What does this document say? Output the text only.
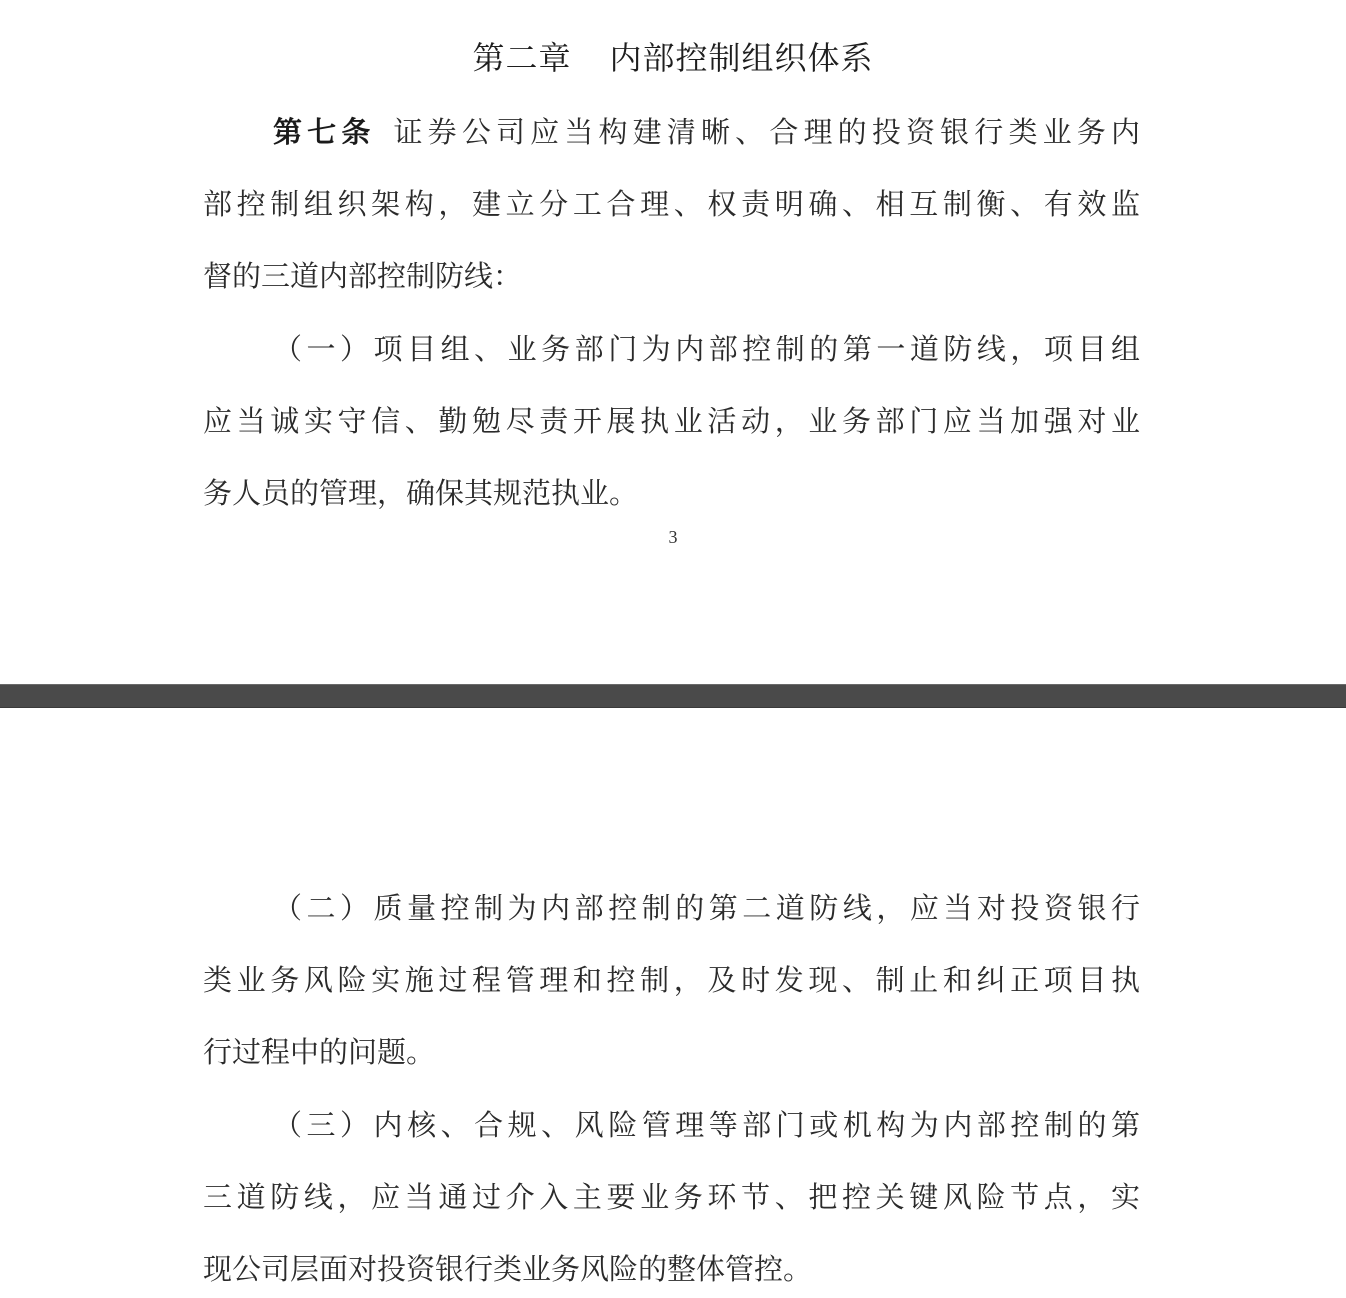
第二章 内部控制组织体系
第七条 证券公司应当构建清晰、合理的投资银行类业务内
部控制组织架构，建立分工合理、权责明确、相互制衡、有效监
督的三道内部控制防线：
（一）项目组、业务部门为内部控制的第一道防线，项目组
应当诚实守信、勤勉尽责开展执业活动，业务部门应当加强对业
务人员的管理，确保其规范执业。
3
（二）质量控制为内部控制的第二道防线，应当对投资银行
类业务风险实施过程管理和控制，及时发现、制止和纠正项目执
行过程中的问题。
（三）内核、合规、风险管理等部门或机构为内部控制的第
三道防线，应当通过介入主要业务环节、把控关键风险节点，实
现公司层面对投资银行类业务风险的整体管控。
